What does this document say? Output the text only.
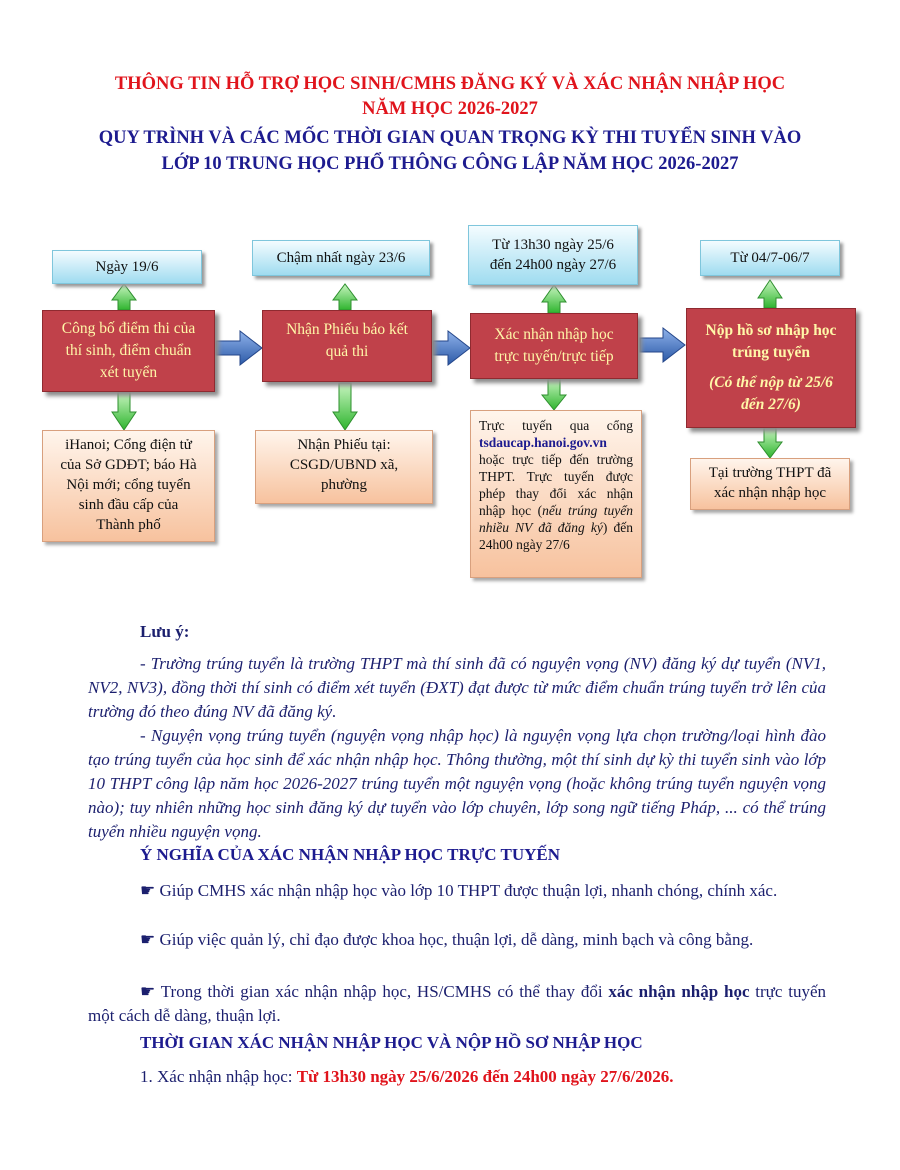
THÔNG TIN HỖ TRỢ HỌC SINH/CMHS ĐĂNG KÝ VÀ XÁC NHẬN NHẬP HỌC
NĂM HỌC 2026-2027
QUY TRÌNH VÀ CÁC MỐC THỜI GIAN QUAN TRỌNG KỲ THI TUYỂN SINH VÀO
LỚP 10 TRUNG HỌC PHỔ THÔNG CÔNG LẬP NĂM HỌC 2026-2027
Ngày 19/6
Công bố điểm thi của
thí sinh, điểm chuẩn
xét tuyển
iHanoi; Cổng điện tử
của Sở GDĐT; báo Hà
Nội mới; cổng tuyển
sinh đầu cấp của
Thành phố
Chậm nhất ngày 23/6
Nhận Phiếu báo kết
quả thi
Nhận Phiếu tại:
CSGD/UBND xã,
phường
Từ 13h30 ngày 25/6
đến 24h00 ngày 27/6
Xác nhận nhập học
trực tuyến/trực tiếp
Trực tuyến qua cổng tsdaucap.hanoi.gov.vn hoặc trực tiếp đến trường THPT. Trực tuyến được phép thay đổi xác nhận nhập học (nếu trúng tuyển nhiều NV đã đăng ký) đến 24h00 ngày 27/6
Từ 04/7-06/7
Nộp hồ sơ nhập học
trúng tuyển
(Có thể nộp từ 25/6
đến 27/6)
Tại trường THPT đã
xác nhận nhập học
Lưu ý:
- Trường trúng tuyển là trường THPT mà thí sinh đã có nguyện vọng (NV) đăng ký dự tuyển (NV1, NV2, NV3), đồng thời thí sinh có điểm xét tuyển (ĐXT) đạt được từ mức điểm chuẩn trúng tuyển trở lên của trường đó theo đúng NV đã đăng ký.
- Nguyện vọng trúng tuyển (nguyện vọng nhập học) là nguyện vọng lựa chọn trường/loại hình đào tạo trúng tuyển của học sinh để xác nhận nhập học. Thông thường, một thí sinh dự kỳ thi tuyển sinh vào lớp 10 THPT công lập năm học 2026-2027 trúng tuyển một nguyện vọng (hoặc không trúng tuyển nguyện vọng nào); tuy nhiên những học sinh đăng ký dự tuyển vào lớp chuyên, lớp song ngữ tiếng Pháp, ... có thể trúng tuyển nhiều nguyện vọng.
Ý NGHĨA CỦA XÁC NHẬN NHẬP HỌC TRỰC TUYẾN
☛ Giúp CMHS xác nhận nhập học vào lớp 10 THPT được thuận lợi, nhanh chóng, chính xác.
☛ Giúp việc quản lý, chỉ đạo được khoa học, thuận lợi, dễ dàng, minh bạch và công bằng.
☛ Trong thời gian xác nhận nhập học, HS/CMHS có thể thay đổi xác nhận nhập học trực tuyến một cách dễ dàng, thuận lợi.
THỜI GIAN XÁC NHẬN NHẬP HỌC VÀ NỘP HỒ SƠ NHẬP HỌC
1. Xác nhận nhập học: Từ 13h30 ngày 25/6/2026 đến 24h00 ngày 27/6/2026.
